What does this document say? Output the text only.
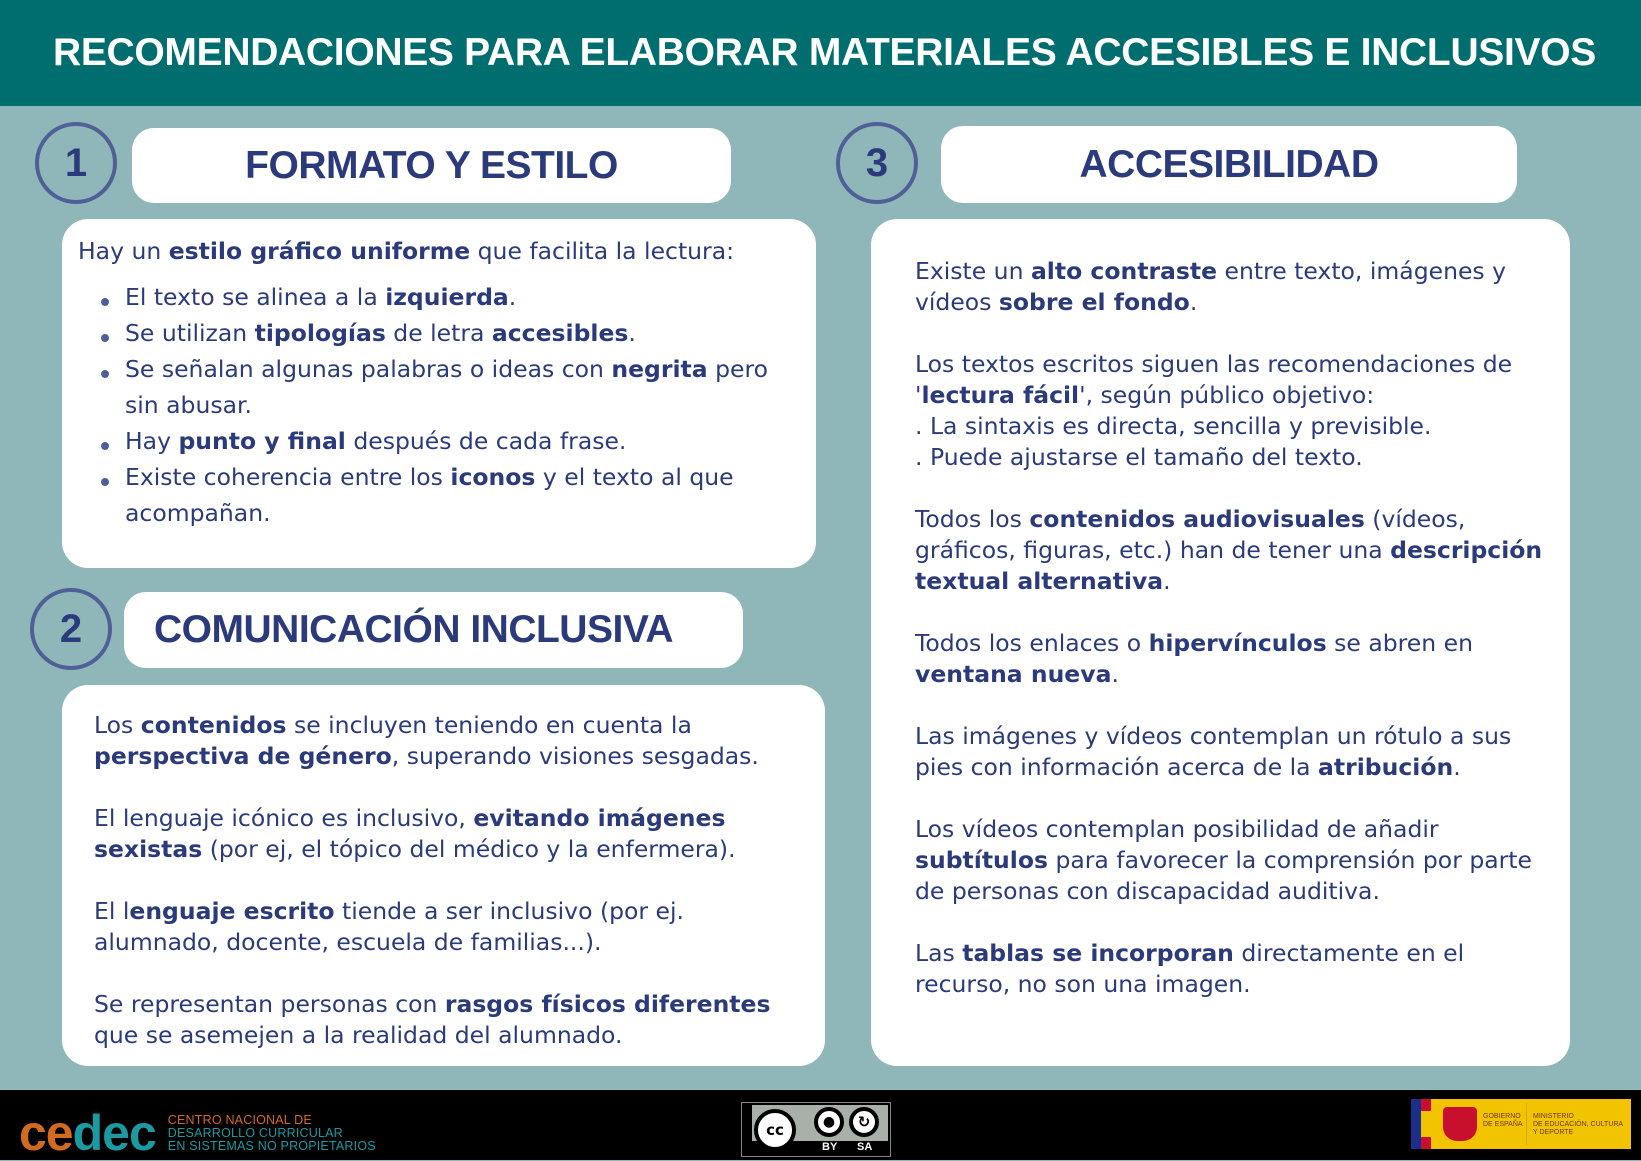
RECOMENDACIONES PARA ELABORAR MATERIALES ACCESIBLES E INCLUSIVOS
1	FORMATO Y ESTILO
Hay un estilo gráfico uniforme que facilita la lectura:
El texto se alinea a la izquierda.
Se utilizan tipologías de letra accesibles.
Se señalan algunas palabras o ideas con negrita pero sin abusar.
Hay punto y final después de cada frase.
Existe coherencia entre los iconos y el texto al que acompañan.
2 COMUNICACIÓN INCLUSIVA

Los contenidos se incluyen teniendo en cuenta la perspectiva de género, superando visiones sesgadas.

El lenguaje icónico es inclusivo, evitando imágenes sexistas (por ej, el tópico del médico y la enfermera).

El lenguaje escrito tiende a ser inclusivo (por ej. alumnado, docente, escuela de familias...).

Se representan personas con rasgos físicos diferentes que se asemejen a la realidad del alumnado.

3	ACCESIBILIDAD

Existe un alto contraste entre texto, imágenes y vídeos sobre el fondo.

Los textos escritos siguen las recomendaciones de 'lectura fácil', según público objetivo:
. La sintaxis es directa, sencilla y previsible.
. Puede ajustarse el tamaño del texto.

Todos los contenidos audiovisuales (vídeos, gráficos, figuras, etc.) han de tener una descripción textual alternativa.

Todos los enlaces o hipervínculos se abren en ventana nueva.

Las imágenes y vídeos contemplan un rótulo a sus pies con información acerca de la atribución.

Los vídeos contemplan posibilidad de añadir subtítulos para favorecer la comprensión por parte de personas con discapacidad auditiva.

Las tablas se incorporan directamente en el recurso, no son una imagen.

cedec CENTRO NACIONAL DE
DESARROLLO CURRICULAR
EN SISTEMAS NO PROPIETARIOS
cc	●	↻
BY SA
GOBIERNO
DE ESPAÑA
MINISTERIO
DE EDUCACIÓN, CULTURA
Y DEPORTE
